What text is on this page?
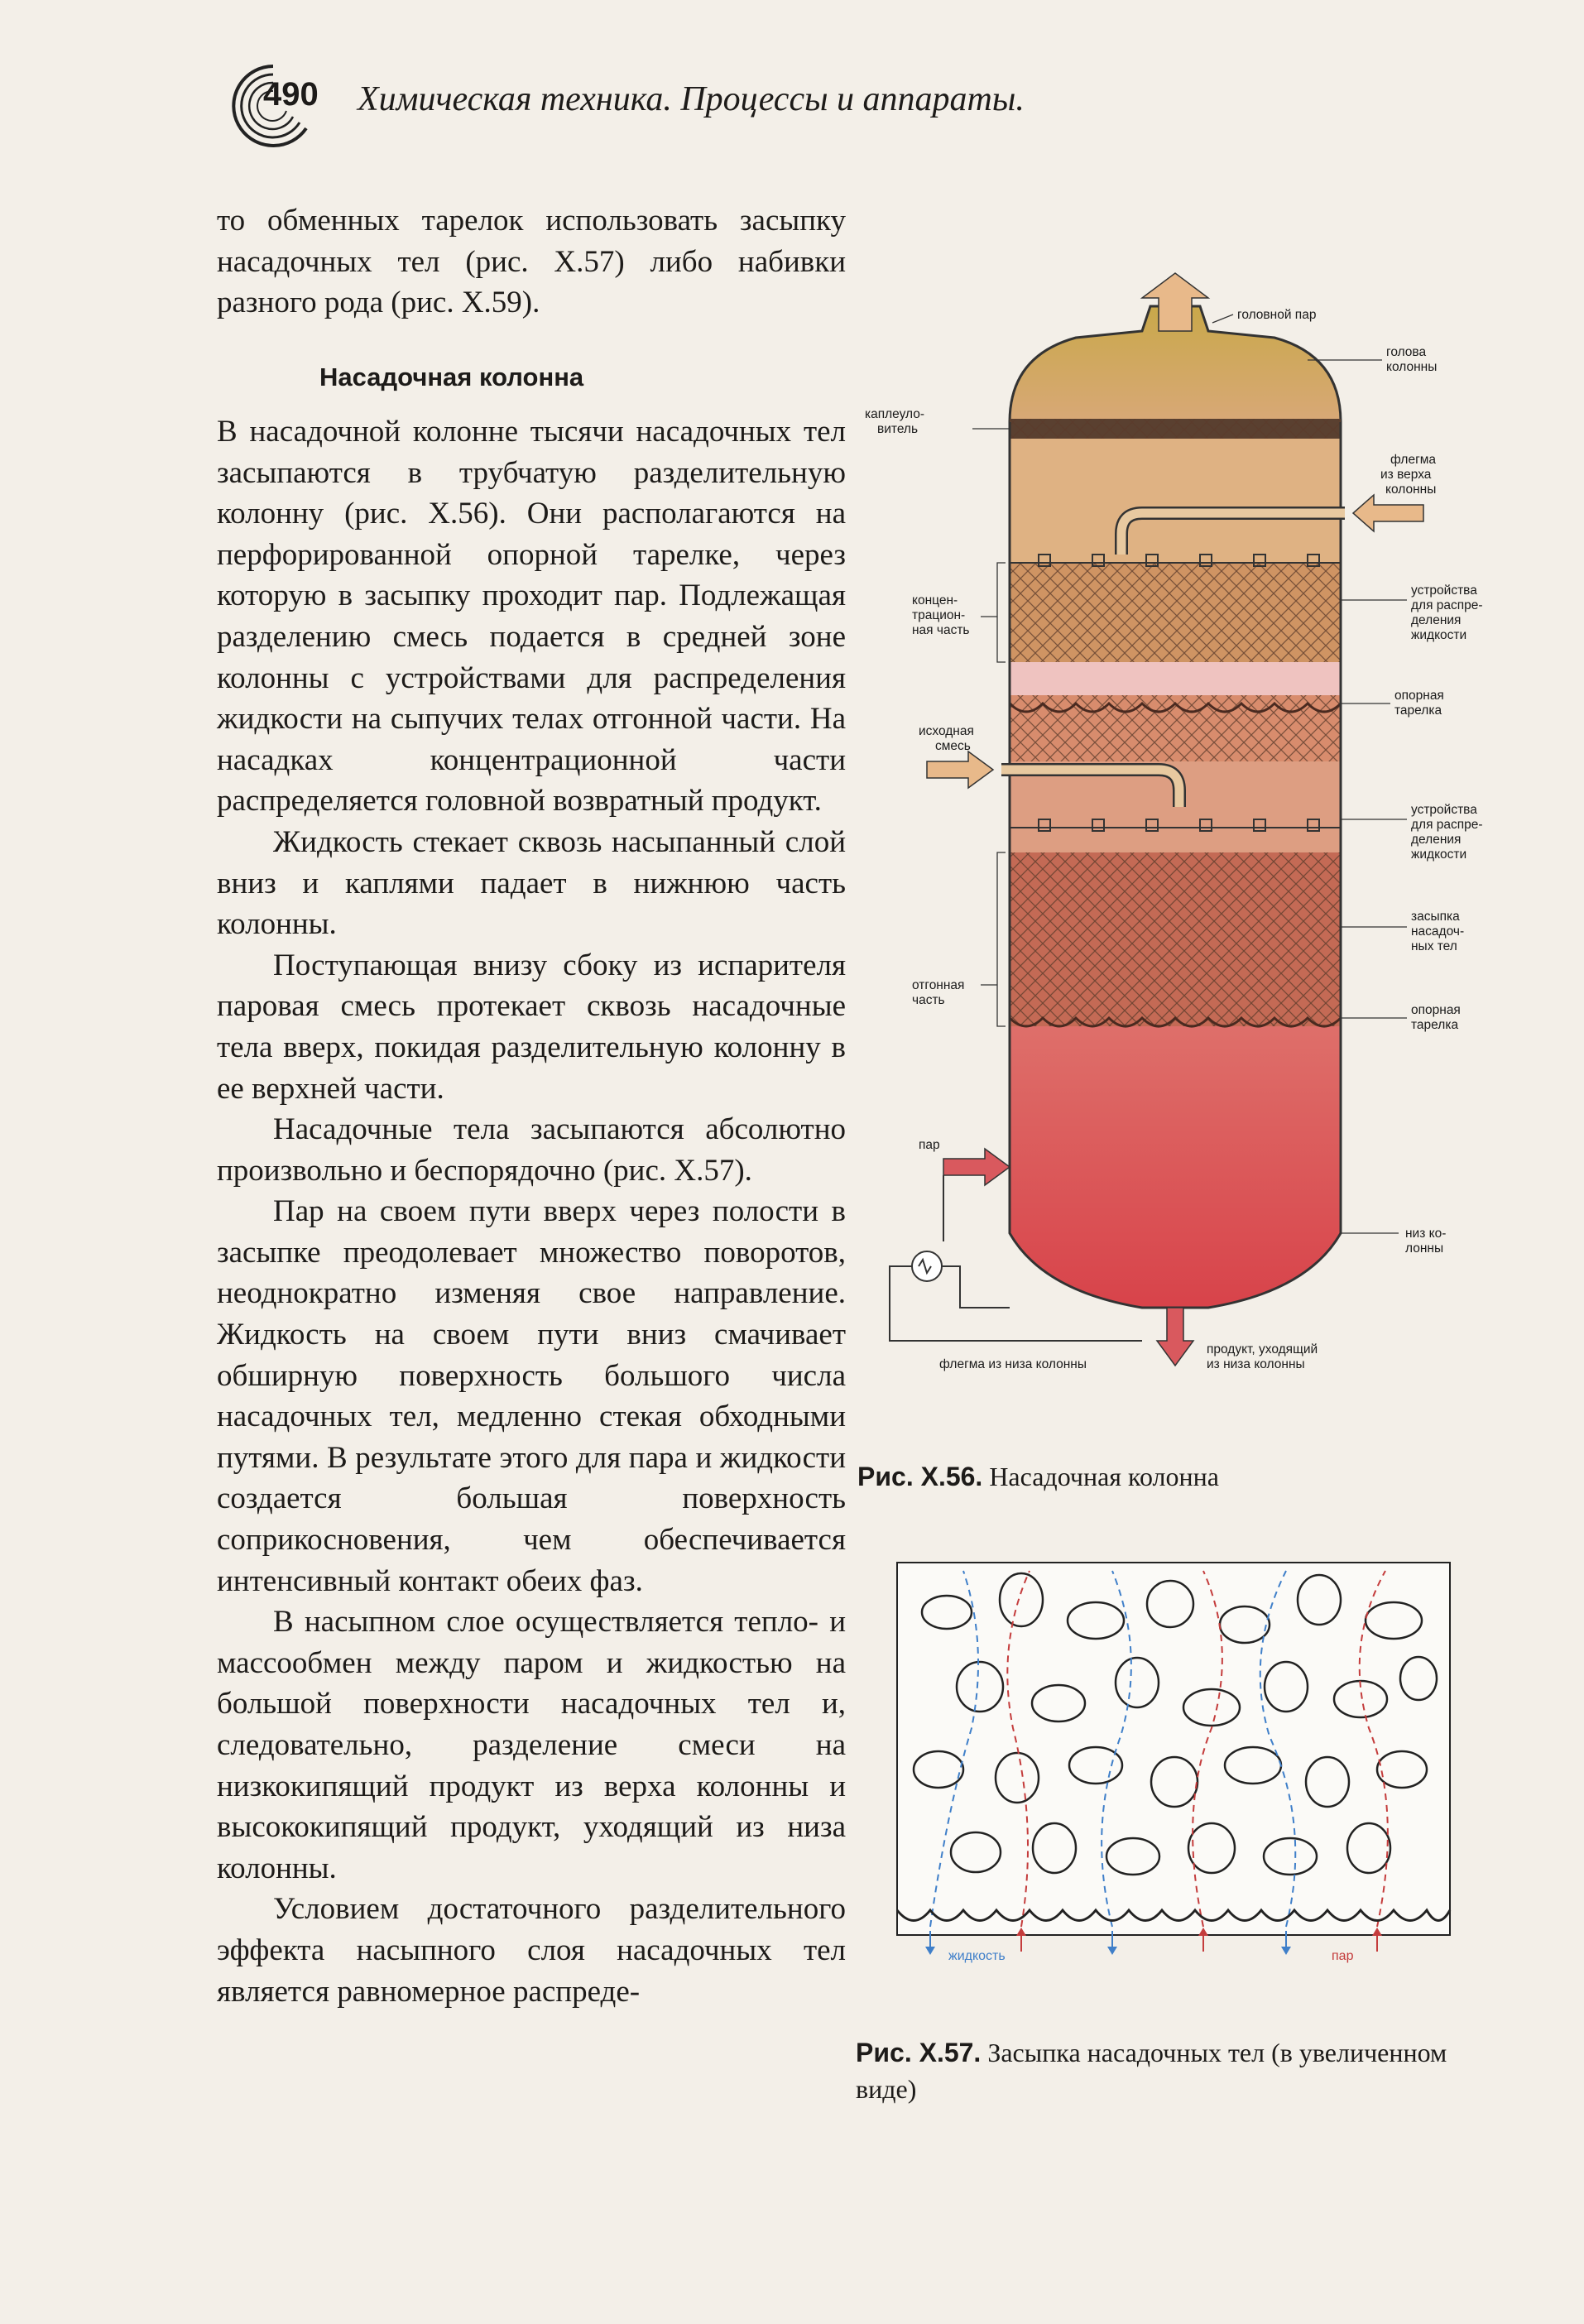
490 Химическая техника. Процессы и аппараты.

то обменных тарелок использовать засыпку насадочных тел (рис. X.57) либо набивки разного рода (рис. X.59).

Насадочная колонна

В насадочной колонне тысячи насадочных тел засыпаются в трубчатую разделительную колонну (рис. X.56). Они располагаются на перфорированной опорной тарелке, через которую в засыпку проходит пар. Подлежащая разделению смесь подается в средней зоне колонны с устройствами для распределения жидкости на сыпучих телах отгонной части. На насадках концентрационной части распределяется головной возвратный продукт.

Жидкость стекает сквозь насыпанный слой вниз и каплями падает в нижнюю часть колонны.

Поступающая внизу сбоку из испарителя паровая смесь протекает сквозь насадочные тела вверх, покидая разделительную колонну в ее верхней части.

Насадочные тела засыпаются абсолютно произвольно и беспорядочно (рис. X.57).

Пар на своем пути вверх через полости в засыпке преодолевает множество поворотов, неоднократно изменяя свое направление. Жидкость на своем пути вниз смачивает обширную поверхность большого числа насадочных тел, медленно стекая обходными путями. В результате этого для пара и жидкости создается большая поверхность соприкосновения, чем обеспечивается интенсивный контакт обеих фаз.

В насыпном слое осуществляется тепло- и массообмен между паром и жидкостью на большой поверхности насадочных тел и, следовательно, разделение смеси на низкокипящий продукт из верха колонны и высококипящий продукт, уходящий из низа колонны.

Условием достаточного разделительного эффекта насыпного слоя насадочных тел является равномерное распреде-

головной пар
голова
колонны
каплеуло-
витель
флегма
из верха
колонны
устройства
для распре-
деления
жидкости
концен-
трацион-
ная часть
исходная
смесь
опорная
тарелка
устройства
для распре-
деления
жидкости
отгонная
часть
засыпка
насадоч-
ных тел
опорная
тарелка
пар
низ ко-
лонны
продукт, уходящий
из низа колонны
флегма из низа колонны
Рис. X.56. Насадочная колонна
жидкость	пар
Рис. X.57. Засыпка насадочных тел (в увеличенном виде)
